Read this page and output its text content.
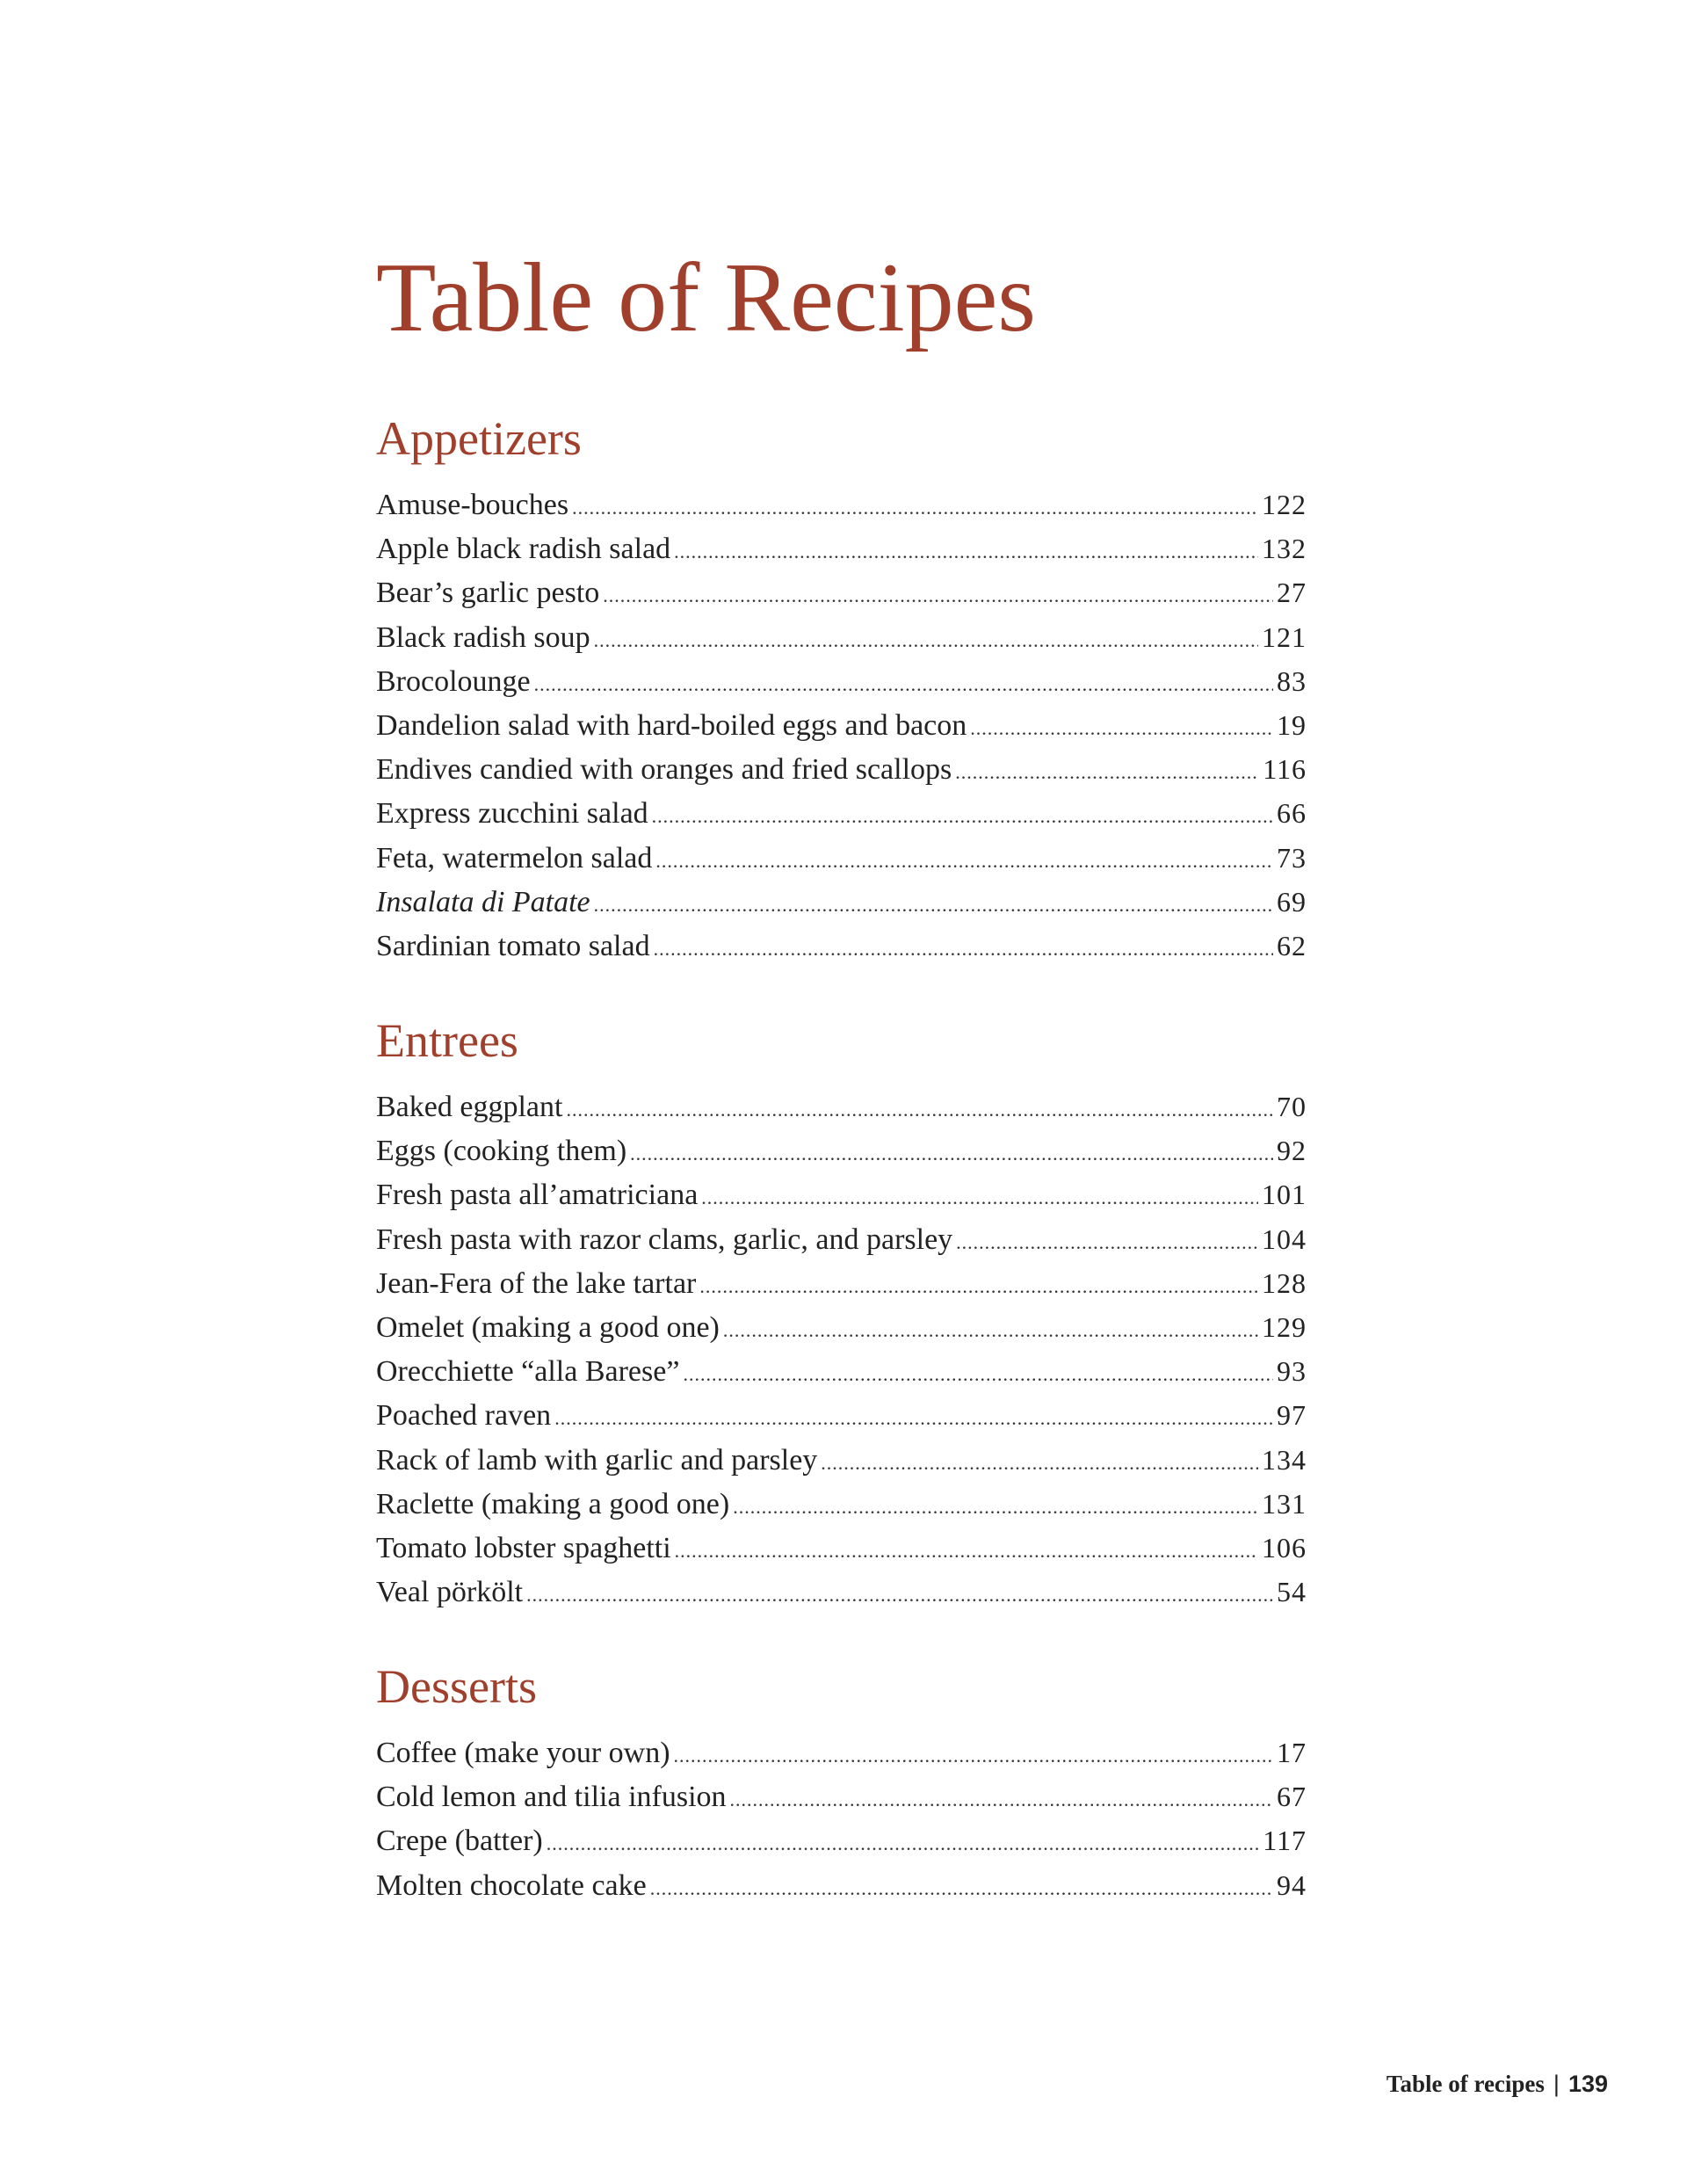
Table of Recipes
Appetizers
Amuse-bouches .....	122
Apple black radish salad .....	132
Bear’s garlic pesto .....	27
Black radish soup .....	121
Brocolounge .....	83
Dandelion salad with hard-boiled eggs and bacon .....	19
Endives candied with oranges and fried scallops .....	116
Express zucchini salad .....	66
Feta, watermelon salad .....	73
Insalata di Patate .....	69
Sardinian tomato salad .....	62
Entrees
Baked eggplant .....	70
Eggs (cooking them) .....	92
Fresh pasta all’amatriciana .....	101
Fresh pasta with razor clams, garlic, and parsley .....	104
Jean-Fera of the lake tartar .....	128
Omelet (making a good one) .....	129
Orecchiette “alla Barese” .....	93
Poached raven .....	97
Rack of lamb with garlic and parsley .....	134
Raclette (making a good one) .....	131
Tomato lobster spaghetti .....	106
Veal pörkölt .....	54
Desserts
Coffee (make your own) .....	17
Cold lemon and tilia infusion .....	67
Crepe (batter) .....	117
Molten chocolate cake .....	94
Table of recipes | 139
